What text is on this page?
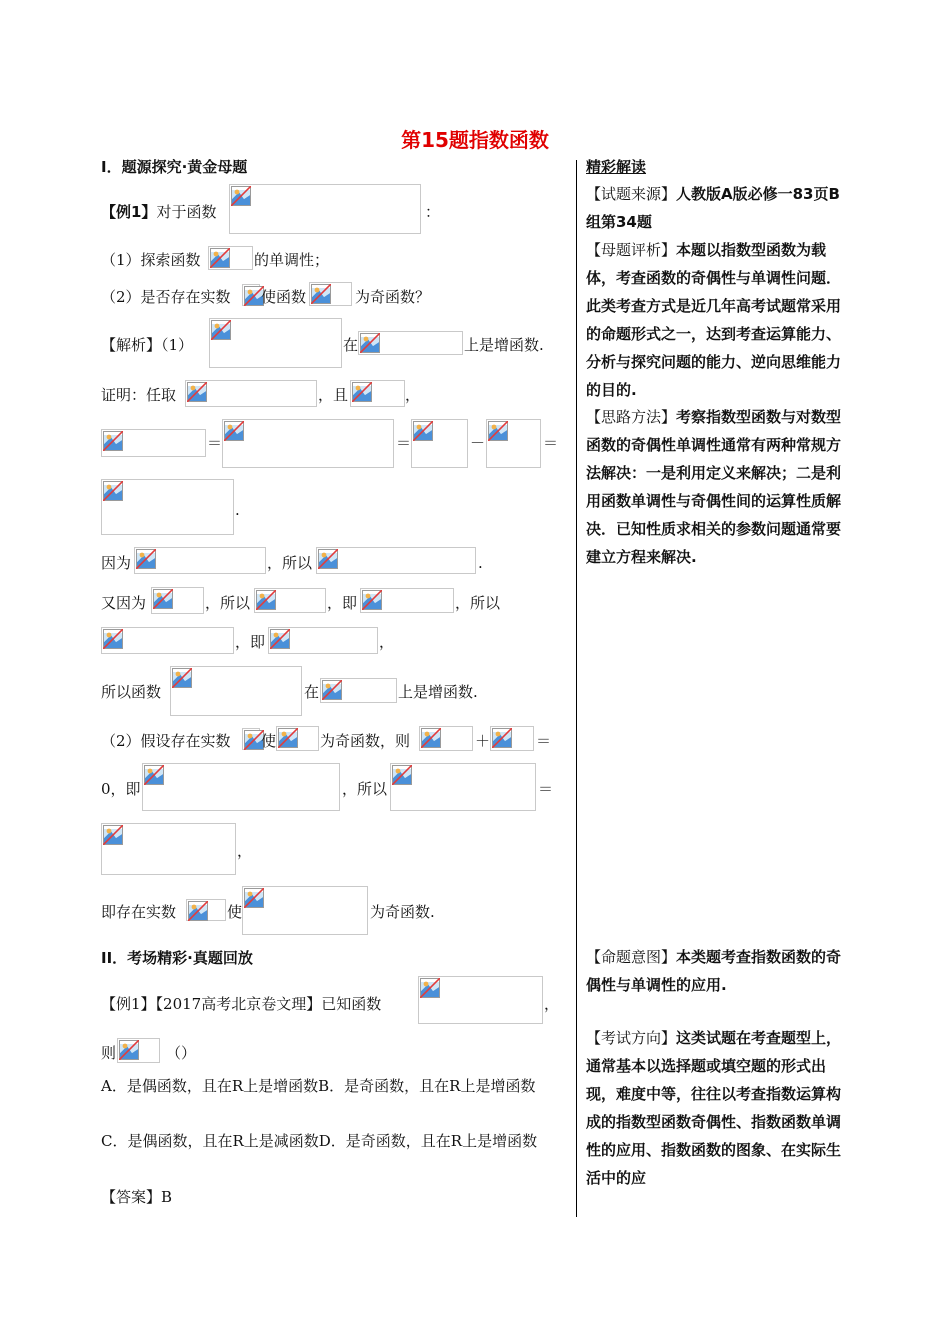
第15题指数函数
I．题源探究·黄金母题
【例1】对于函数	：
（1）探索函数	的单调性；
（2）是否存在实数 使函数	为奇函数？
【解析】（1）	在	上是增函数.
证明：任取	，且	，
＝	＝	－	＝
.
因为	，所以	.
又因为	，所以	，即	，所以
，即	，
所以函数	在	上是增函数.
（2）假设存在实数 使	为奇函数，则	＋	＝
0，即	，所以	＝
，
即存在实数	使	为奇函数.
II．考场精彩·真题回放
【例1】【2017高考北京卷文理】已知函数	，
则	（）
A．是偶函数，且在R上是增函数B．是奇函数，且在R上是增函数
C．是偶函数，且在R上是减函数D．是奇函数，且在R上是增函数
【答案】B
精彩解读
【试题来源】人教版A版必修一83页B组第34题
【母题评析】本题以指数型函数为载体，考查函数的奇偶性与单调性问题．此类考查方式是近几年高考试题常采用的命题形式之一，达到考查运算能力、分析与探究问题的能力、逆向思维能力的目的.
【思路方法】考察指数型函数与对数型函数的奇偶性单调性通常有两种常规方法解决：一是利用定义来解决；二是利用函数单调性与奇偶性间的运算性质解决．已知性质求相关的参数问题通常要建立方程来解决.
【命题意图】本类题考查指数函数的奇偶性与单调性的应用.
【考试方向】这类试题在考查题型上，通常基本以选择题或填空题的形式出现，难度中等，往往以考查指数运算构成的指数型函数奇偶性、指数函数单调性的应用、指数函数的图象、在实际生活中的应
